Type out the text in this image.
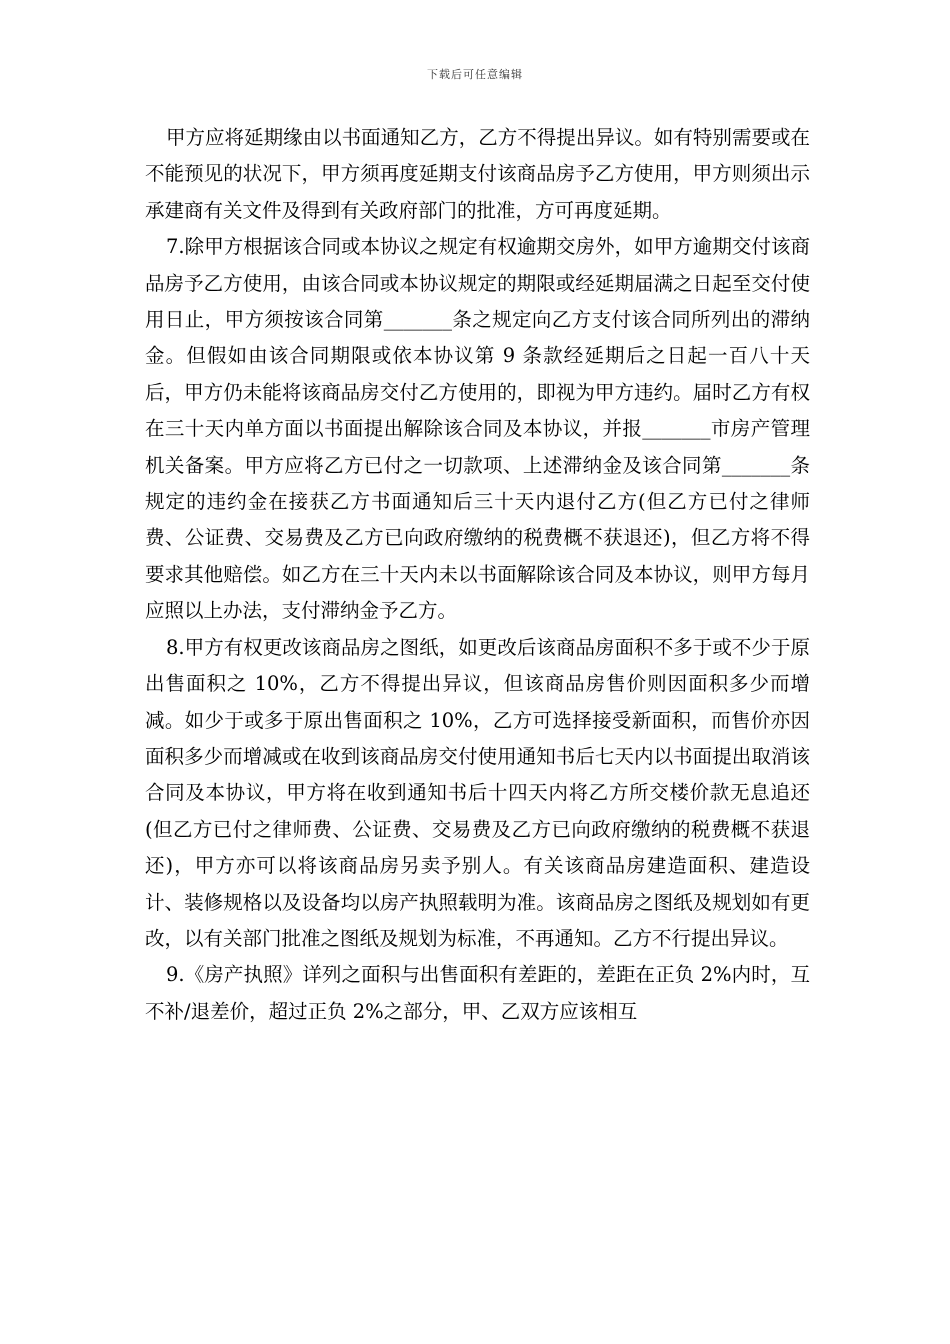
下载后可任意编辑

甲方应将延期缘由以书面通知乙方，乙方不得提出异议。如有特别需要或在不能预见的状况下，甲方须再度延期支付该商品房予乙方使用，甲方则须出示承建商有关文件及得到有关政府部门的批准，方可再度延期。

7.除甲方根据该合同或本协议之规定有权逾期交房外，如甲方逾期交付该商品房予乙方使用，由该合同或本协议规定的期限或经延期届满之日起至交付使用日止，甲方须按该合同第_______条之规定向乙方支付该合同所列出的滞纳金。但假如由该合同期限或依本协议第 9 条款经延期后之日起一百八十天后，甲方仍未能将该商品房交付乙方使用的，即视为甲方违约。届时乙方有权在三十天内单方面以书面提出解除该合同及本协议，并报_______市房产管理机关备案。甲方应将乙方已付之一切款项、上述滞纳金及该合同第_______条规定的违约金在接获乙方书面通知后三十天内退付乙方(但乙方已付之律师费、公证费、交易费及乙方已向政府缴纳的税费概不获退还)，但乙方将不得要求其他赔偿。如乙方在三十天内未以书面解除该合同及本协议，则甲方每月应照以上办法，支付滞纳金予乙方。

8.甲方有权更改该商品房之图纸，如更改后该商品房面积不多于或不少于原出售面积之 10%，乙方不得提出异议，但该商品房售价则因面积多少而增减。如少于或多于原出售面积之 10%，乙方可选择接受新面积，而售价亦因面积多少而增减或在收到该商品房交付使用通知书后七天内以书面提出取消该合同及本协议，甲方将在收到通知书后十四天内将乙方所交楼价款无息追还(但乙方已付之律师费、公证费、交易费及乙方已向政府缴纳的税费概不获退还)，甲方亦可以将该商品房另卖予别人。有关该商品房建造面积、建造设计、装修规格以及设备均以房产执照载明为准。该商品房之图纸及规划如有更改，以有关部门批准之图纸及规划为标准，不再通知。乙方不行提出异议。

9.《房产执照》详列之面积与出售面积有差距的，差距在正负 2%内时，互不补/退差价，超过正负 2%之部分，甲、乙双方应该相互
